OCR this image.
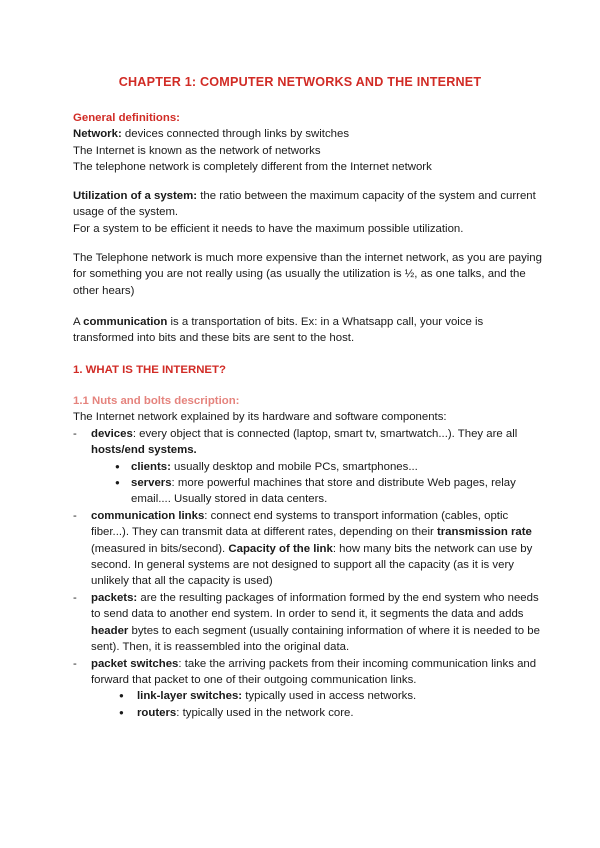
CHAPTER 1: COMPUTER NETWORKS AND THE INTERNET

General definitions:

Network: devices connected through links by switches

The Internet is known as the network of networks

The telephone network is completely different from the Internet network

Utilization of a system: the ratio between the maximum capacity of the system and current usage of the system.

For a system to be efficient it needs to have the maximum possible utilization.

The Telephone network is much more expensive than the internet network, as you are paying for something you are not really using (as usually the utilization is ½, as one talks, and the other hears)

A communication is a transportation of bits. Ex: in a Whatsapp call, your voice is transformed into bits and these bits are sent to the host.

1. WHAT IS THE INTERNET?

1.1 Nuts and bolts description:

The Internet network explained by its hardware and software components:

- devices: every object that is connected (laptop, smart tv, smartwatch...). They are all hosts/end systems.
● clients: usually desktop and mobile PCs, smartphones...
● servers: more powerful machines that store and distribute Web pages, relay email.... Usually stored in data centers.
- communication links: connect end systems to transport information (cables, optic fiber...). They can transmit data at different rates, depending on their transmission rate (measured in bits/second). Capacity of the link: how many bits the network can use by second. In general systems are not designed to support all the capacity (as it is very unlikely that all the capacity is used)
- packets: are the resulting packages of information formed by the end system who needs to send data to another end system. In order to send it, it segments the data and adds header bytes to each segment (usually containing information of where it is needed to be sent). Then, it is reassembled into the original data.
- packet switches: take the arriving packets from their incoming communication links and forward that packet to one of their outgoing communication links.
● link-layer switches: typically used in access networks.
● routers: typically used in the network core.
